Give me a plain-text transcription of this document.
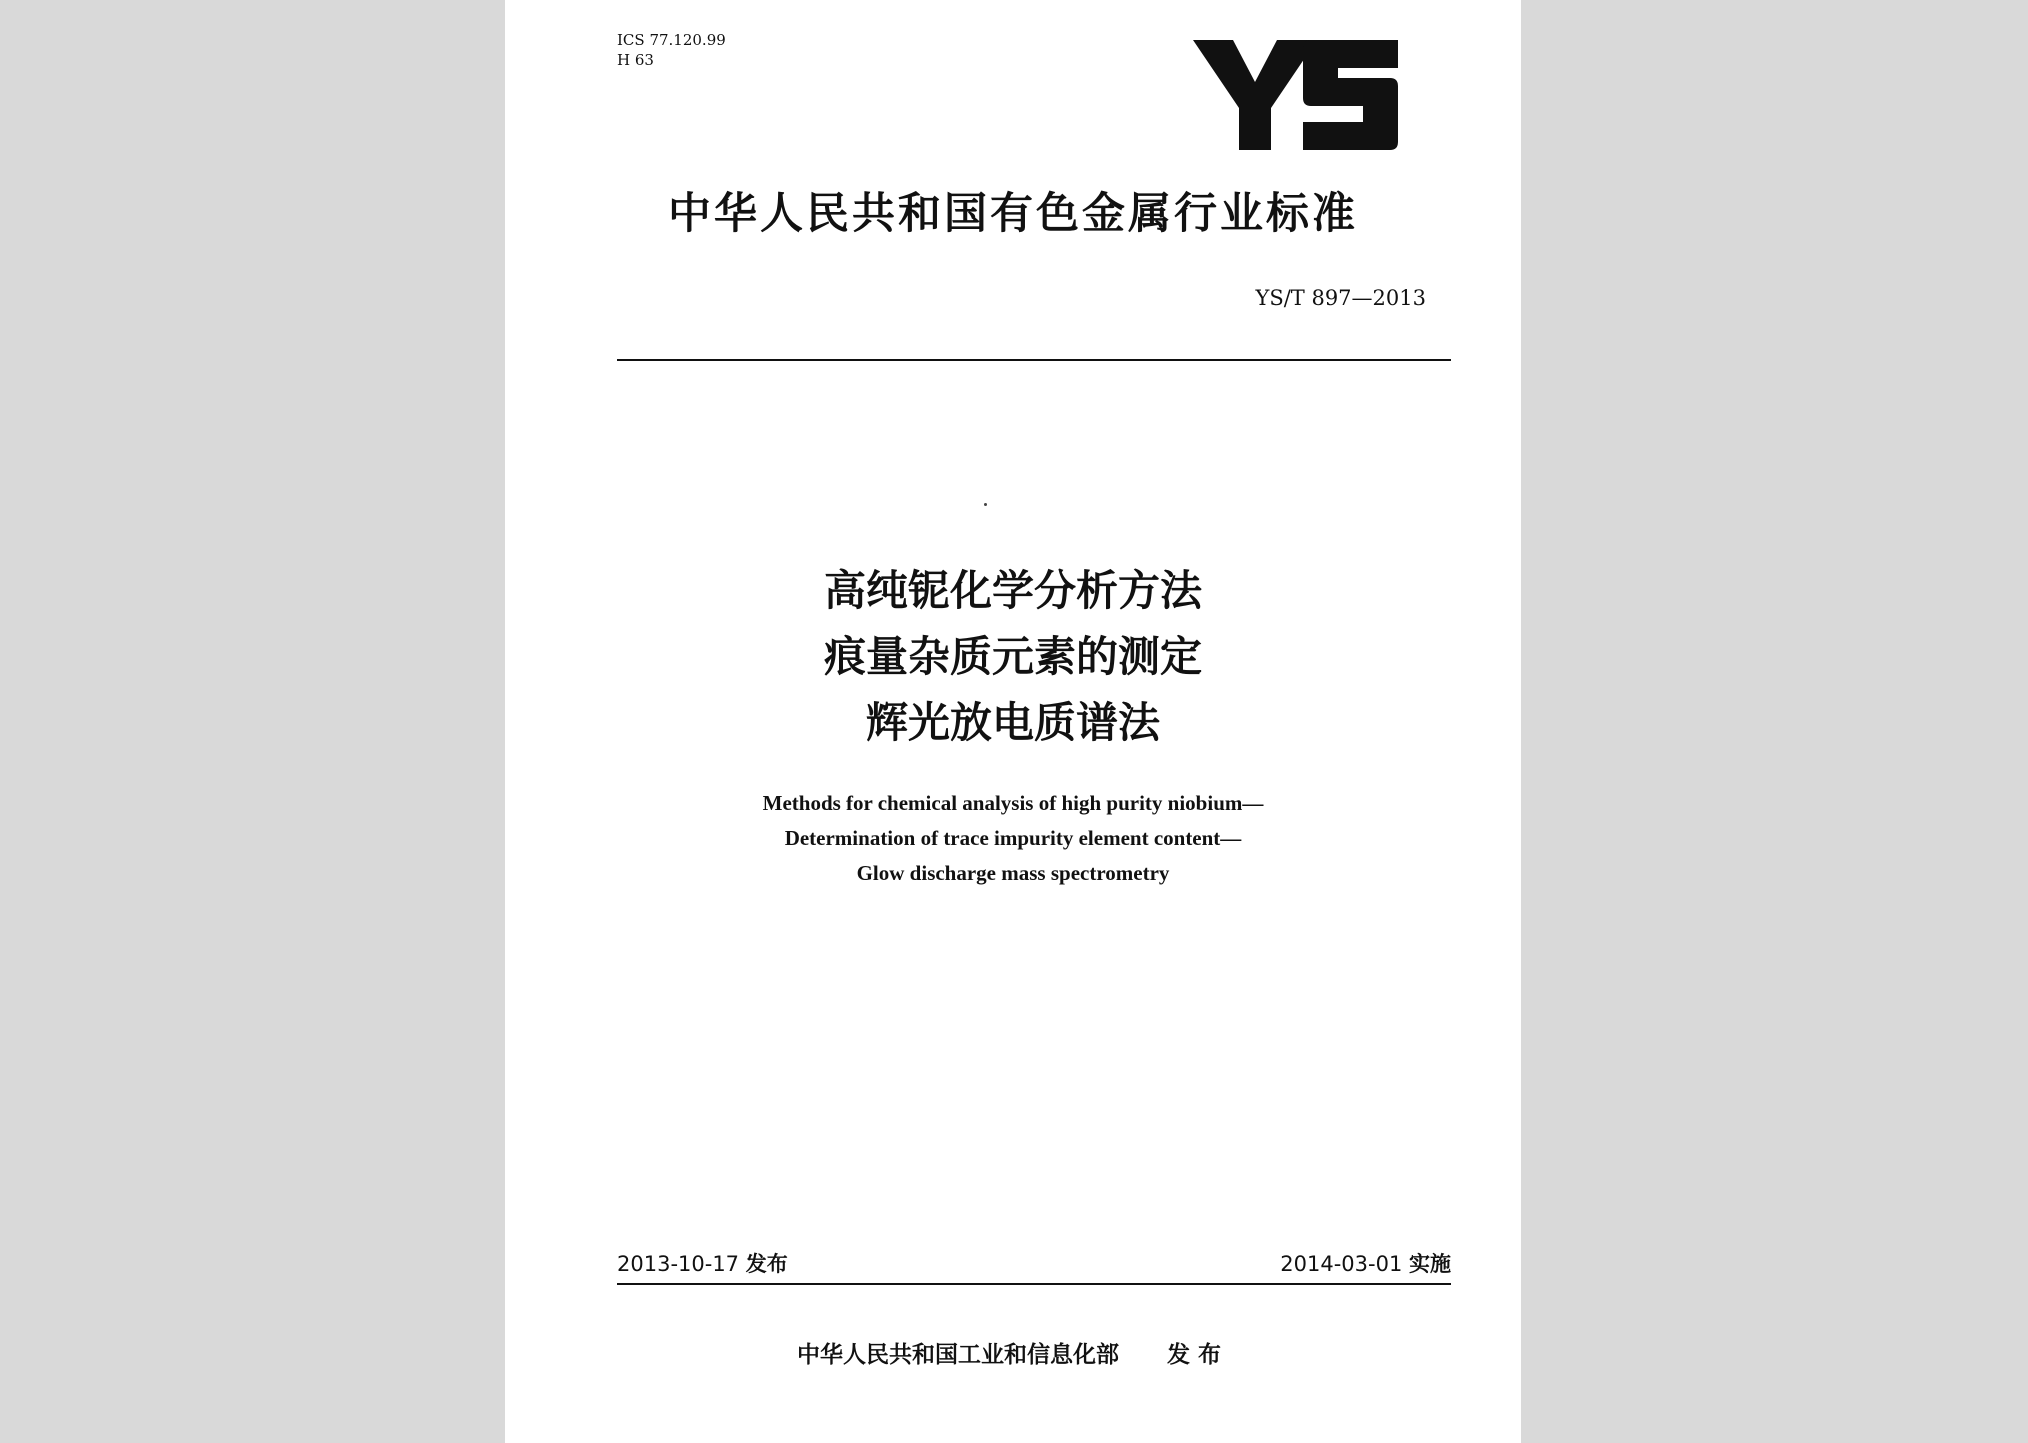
ICS 77.120.99
H 63
中华人民共和国有色金属行业标准
YS/T 897—2013
高纯铌化学分析方法
痕量杂质元素的测定
辉光放电质谱法
Methods for chemical analysis of high purity niobium—
Determination of trace impurity element content—
Glow discharge mass spectrometry
2013-10-17 发布	2014-03-01 实施
中华人民共和国工业和信息化部 发布
